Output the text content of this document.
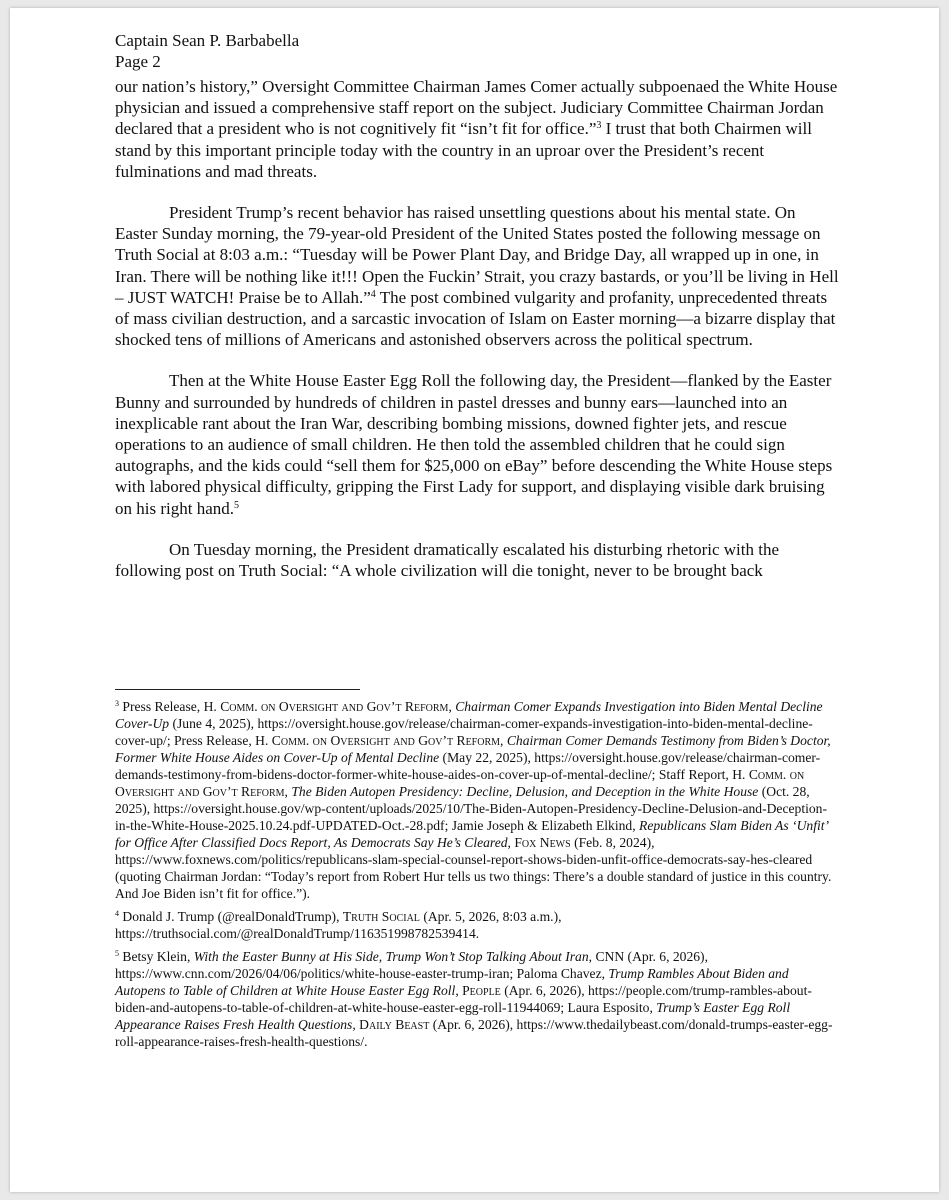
Captain Sean P. Barbabella
Page 2

our nation’s history,” Oversight Committee Chairman James Comer actually subpoenaed the White House physician and issued a comprehensive staff report on the subject. Judiciary Committee Chairman Jordan declared that a president who is not cognitively fit “isn’t fit for office.”$^3$ I trust that both Chairmen will stand by this important principle today with the country in an uproar over the President’s recent fulminations and mad threats.

President Trump’s recent behavior has raised unsettling questions about his mental state. On Easter Sunday morning, the 79-year-old President of the United States posted the following message on Truth Social at 8:03 a.m.: “Tuesday will be Power Plant Day, and Bridge Day, all wrapped up in one, in Iran. There will be nothing like it!!! Open the Fuckin’ Strait, you crazy bastards, or you’ll be living in Hell – JUST WATCH! Praise be to Allah.”$^4$ The post combined vulgarity and profanity, unprecedented threats of mass civilian destruction, and a sarcastic invocation of Islam on Easter morning—a bizarre display that shocked tens of millions of Americans and astonished observers across the political spectrum.

Then at the White House Easter Egg Roll the following day, the President—flanked by the Easter Bunny and surrounded by hundreds of children in pastel dresses and bunny ears—launched into an inexplicable rant about the Iran War, describing bombing missions, downed fighter jets, and rescue operations to an audience of small children. He then told the assembled children that he could sign autographs, and the kids could “sell them for $25,000 on eBay” before descending the White House steps with labored physical difficulty, gripping the First Lady for support, and displaying visible dark bruising on his right hand.$^5$

On Tuesday morning, the President dramatically escalated his disturbing rhetoric with the following post on Truth Social: “A whole civilization will die tonight, never to be brought back

$^3$ Press Release, H. Comm. on Oversight and Gov’t Reform, Chairman Comer Expands Investigation into Biden Mental Decline Cover-Up (June 4, 2025), https://oversight.house.gov/release/chairman-comer-expands-investigation-into-biden-mental-decline-cover-up/; Press Release, H. Comm. on Oversight and Gov’t Reform, Chairman Comer Demands Testimony from Biden’s Doctor, Former White House Aides on Cover-Up of Mental Decline (May 22, 2025), https://oversight.house.gov/release/chairman-comer-demands-testimony-from-bidens-doctor-former-white-house-aides-on-cover-up-of-mental-decline/; Staff Report, H. Comm. on Oversight and Gov’t Reform, The Biden Autopen Presidency: Decline, Delusion, and Deception in the White House (Oct. 28, 2025), https://oversight.house.gov/wp-content/uploads/2025/10/The-Biden-Autopen-Presidency-Decline-Delusion-and-Deception-in-the-White-House-2025.10.24.pdf-UPDATED-Oct.-28.pdf; Jamie Joseph & Elizabeth Elkind, Republicans Slam Biden As ‘Unfit’ for Office After Classified Docs Report, As Democrats Say He’s Cleared, Fox News (Feb. 8, 2024), https://www.foxnews.com/politics/republicans-slam-special-counsel-report-shows-biden-unfit-office-democrats-say-hes-cleared (quoting Chairman Jordan: “Today’s report from Robert Hur tells us two things: There’s a double standard of justice in this country. And Joe Biden isn’t fit for office.”).
$^4$ Donald J. Trump (@realDonaldTrump), Truth Social (Apr. 5, 2026, 8:03 a.m.), https://truthsocial.com/@realDonaldTrump/116351998782539414.
$^5$ Betsy Klein, With the Easter Bunny at His Side, Trump Won’t Stop Talking About Iran, CNN (Apr. 6, 2026), https://www.cnn.com/2026/04/06/politics/white-house-easter-trump-iran; Paloma Chavez, Trump Rambles About Biden and Autopens to Table of Children at White House Easter Egg Roll, People (Apr. 6, 2026), https://people.com/trump-rambles-about-biden-and-autopens-to-table-of-children-at-white-house-easter-egg-roll-11944069; Laura Esposito, Trump’s Easter Egg Roll Appearance Raises Fresh Health Questions, Daily Beast (Apr. 6, 2026), https://www.thedailybeast.com/donald-trumps-easter-egg-roll-appearance-raises-fresh-health-questions/.
